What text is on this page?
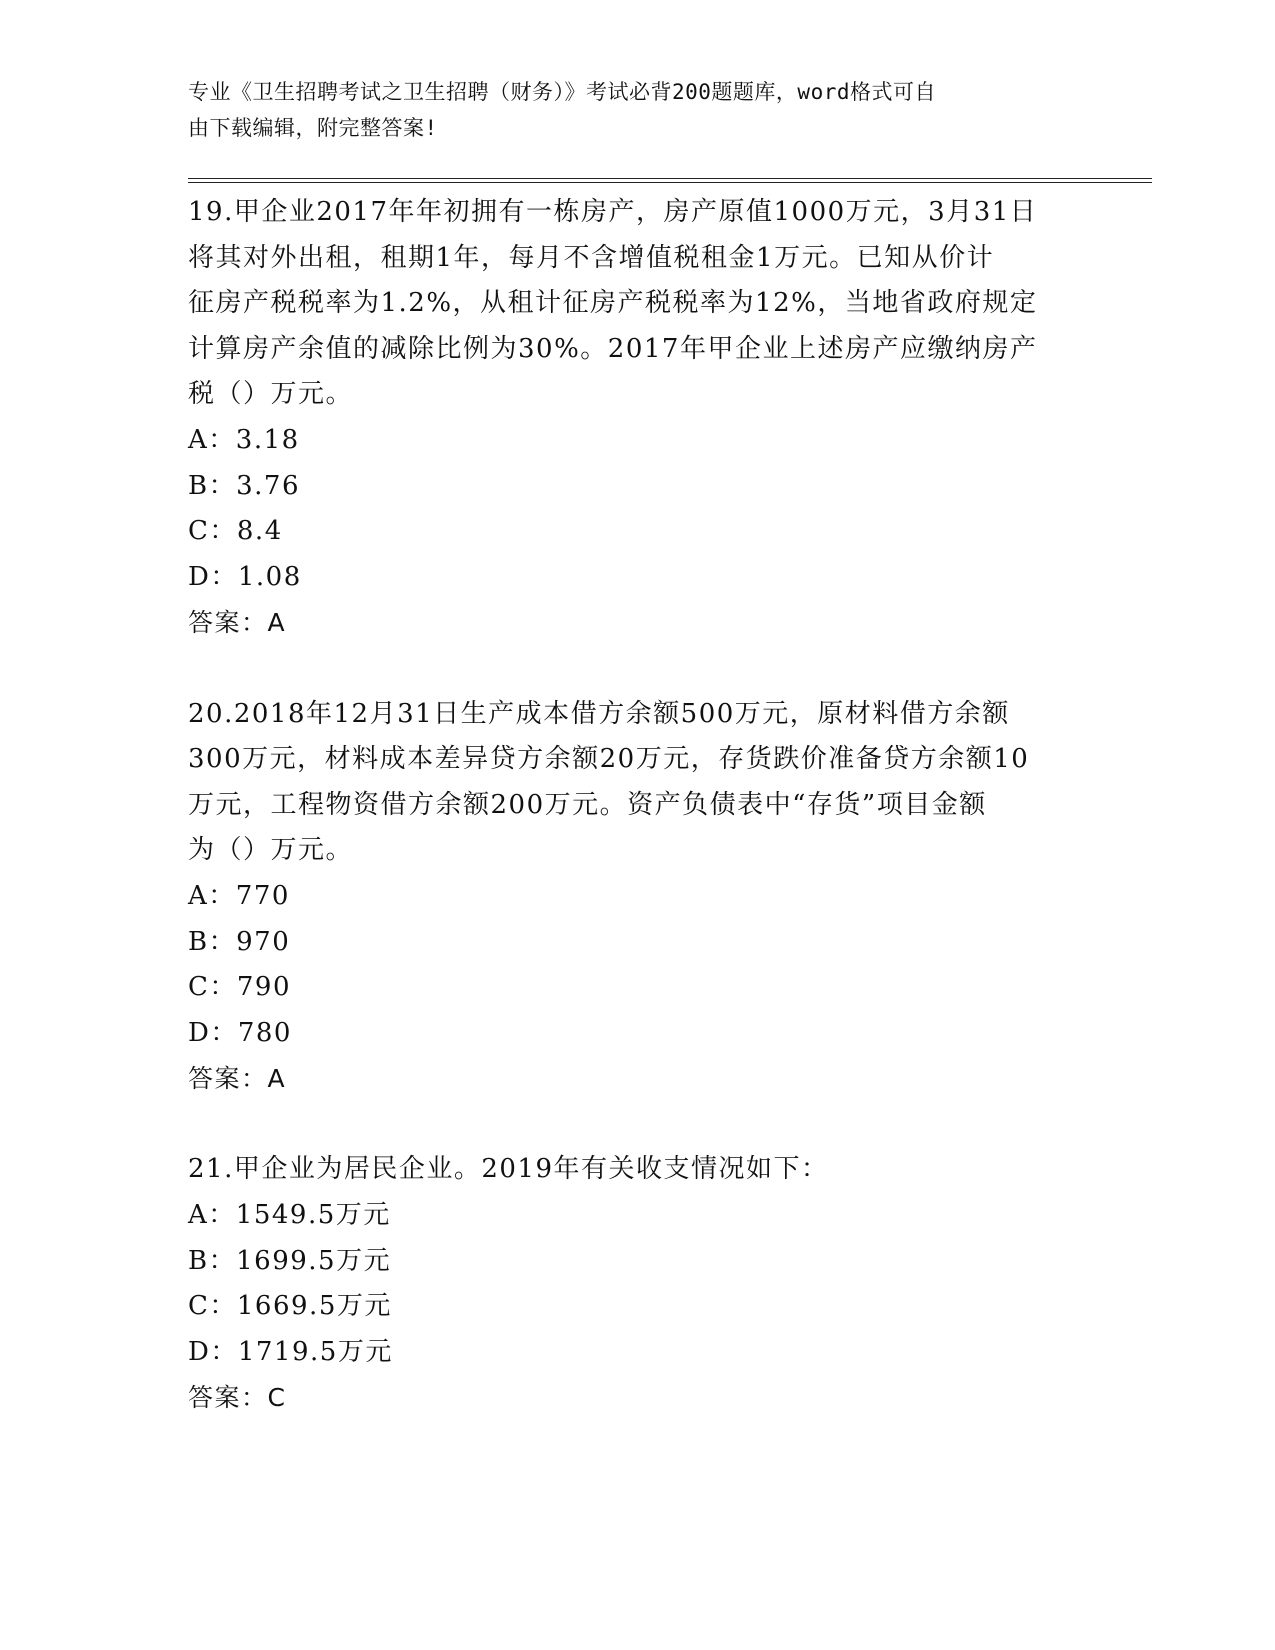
专业《卫生招聘考试之卫生招聘（财务）》考试必背200题题库，word格式可自
由下载编辑，附完整答案!

19.甲企业2017年年初拥有一栋房产，房产原值1000万元，3月31日

将其对外出租，租期1年，每月不含增值税租金1万元。已知从价计

征房产税税率为1.2%，从租计征房产税税率为12%，当地省政府规定

计算房产余值的减除比例为30%。2017年甲企业上述房产应缴纳房产

税（）万元。

A：3.18

B：3.76

C：8.4

D：1.08

答案：A

20.2018年12月31日生产成本借方余额500万元，原材料借方余额

300万元，材料成本差异贷方余额20万元，存货跌价准备贷方余额10

万元，工程物资借方余额200万元。资产负债表中“存货”项目金额

为（）万元。

A：770

B：970

C：790

D：780

答案：A

21.甲企业为居民企业。2019年有关收支情况如下：

A：1549.5万元

B：1699.5万元

C：1669.5万元

D：1719.5万元

答案：C
